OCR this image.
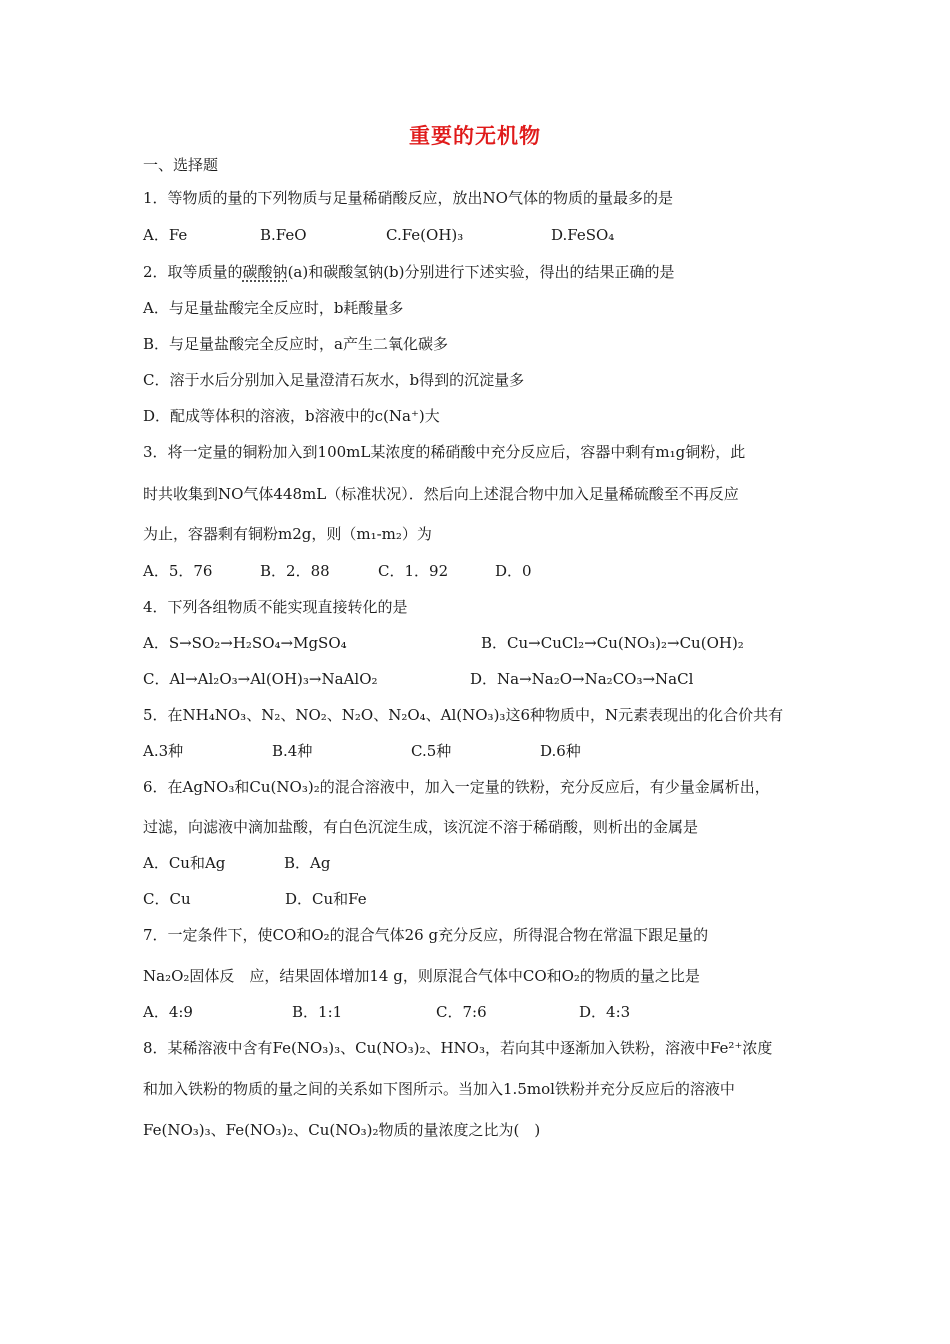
重要的无机物
一、选择题
1．等物质的量的下列物质与足量稀硝酸反应，放出NO气体的物质的量最多的是
A．Fe	B.FeO	C.Fe(OH)₃	D.FeSO₄
2．取等质量的碳酸钠(a)和碳酸氢钠(b)分别进行下述实验，得出的结果正确的是
A．与足量盐酸完全反应时，b耗酸量多
B．与足量盐酸完全反应时，a产生二氧化碳多
C．溶于水后分别加入足量澄清石灰水，b得到的沉淀量多
D．配成等体积的溶液，b溶液中的c(Na⁺)大
3．将一定量的铜粉加入到100mL某浓度的稀硝酸中充分反应后，容器中剩有m₁g铜粉，此
时共收集到NO气体448mL（标准状况）．然后向上述混合物中加入足量稀硫酸至不再反应
为止，容器剩有铜粉m2g，则（m₁-m₂）为
A．5．76	B．2．88	C．1．92	D．0
4．下列各组物质不能实现直接转化的是
A．S→SO₂→H₂SO₄→MgSO₄	B．Cu→CuCl₂→Cu(NO₃)₂→Cu(OH)₂
C．Al→Al₂O₃→Al(OH)₃→NaAlO₂	D．Na→Na₂O→Na₂CO₃→NaCl
5．在NH₄NO₃、N₂、NO₂、N₂O、N₂O₄、Al(NO₃)₃这6种物质中，N元素表现出的化合价共有
A.3种	B.4种	C.5种	D.6种
6．在AgNO₃和Cu(NO₃)₂的混合溶液中，加入一定量的铁粉，充分反应后，有少量金属析出，
过滤，向滤液中滴加盐酸，有白色沉淀生成，该沉淀不溶于稀硝酸，则析出的金属是
A．Cu和Ag	B．Ag
C．Cu	D．Cu和Fe
7．一定条件下，使CO和O₂的混合气体26 g充分反应，所得混合物在常温下跟足量的
Na₂O₂固体反　应，结果固体增加14 g，则原混合气体中CO和O₂的物质的量之比是
A．4:9	B．1:1	C．7:6	D．4:3
8．某稀溶液中含有Fe(NO₃)₃、Cu(NO₃)₂、HNO₃，若向其中逐渐加入铁粉，溶液中Fe²⁺浓度
和加入铁粉的物质的量之间的关系如下图所示。当加入1.5mol铁粉并充分反应后的溶液中
Fe(NO₃)₃、Fe(NO₃)₂、Cu(NO₃)₂物质的量浓度之比为(　)
